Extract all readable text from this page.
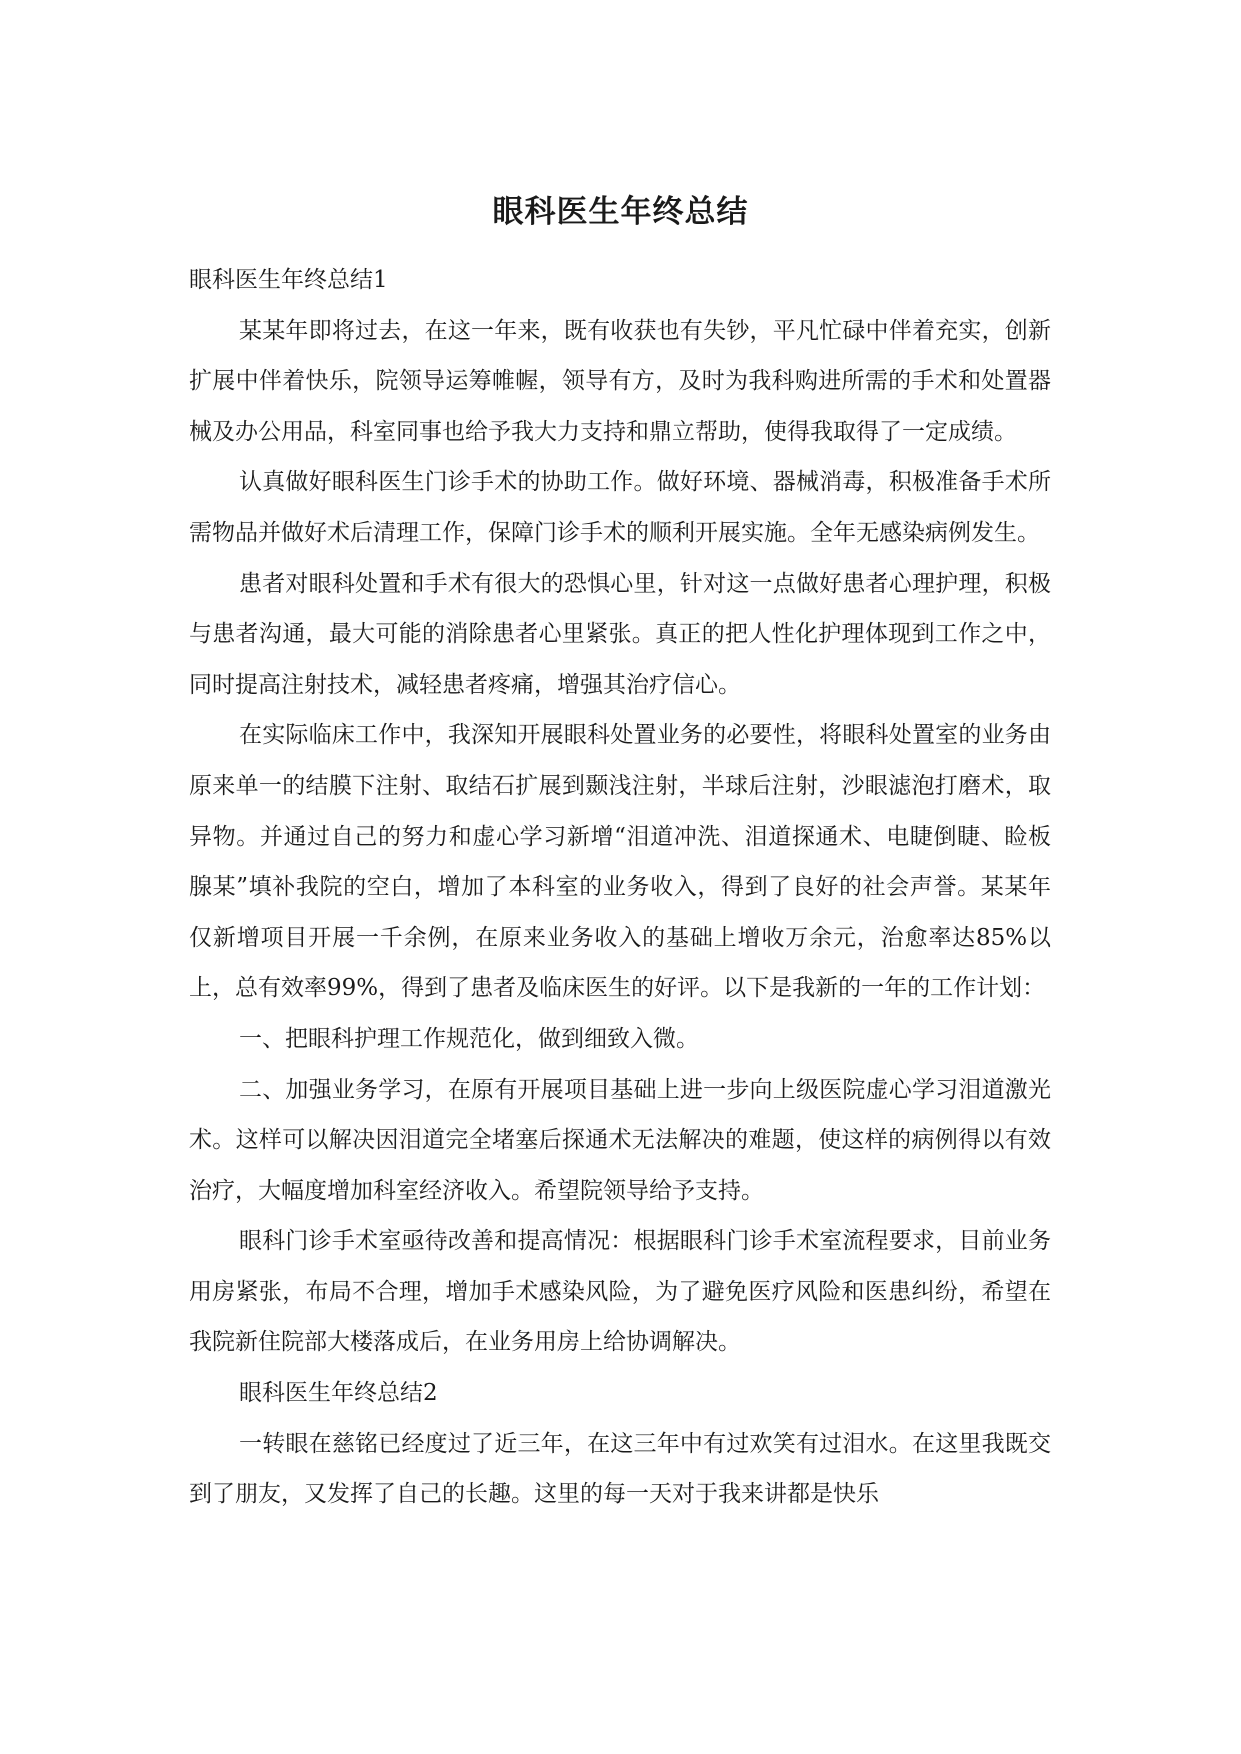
眼科医生年终总结

眼科医生年终总结1

某某年即将过去，在这一年来，既有收获也有失钞，平凡忙碌中伴着充实，创新扩展中伴着快乐，院领导运筹帷幄，领导有方，及时为我科购进所需的手术和处置器械及办公用品，科室同事也给予我大力支持和鼎立帮助，使得我取得了一定成绩。

认真做好眼科医生门诊手术的协助工作。做好环境、器械消毒，积极准备手术所需物品并做好术后清理工作，保障门诊手术的顺利开展实施。全年无感染病例发生。

患者对眼科处置和手术有很大的恐惧心里，针对这一点做好患者心理护理，积极与患者沟通，最大可能的消除患者心里紧张。真正的把人性化护理体现到工作之中，同时提高注射技术，减轻患者疼痛，增强其治疗信心。

在实际临床工作中，我深知开展眼科处置业务的必要性，将眼科处置室的业务由原来单一的结膜下注射、取结石扩展到颞浅注射，半球后注射，沙眼滤泡打磨术，取异物。并通过自己的努力和虚心学习新增“泪道冲洗、泪道探通术、电睫倒睫、睑板腺某”填补我院的空白，增加了本科室的业务收入，得到了良好的社会声誉。某某年仅新增项目开展一千余例，在原来业务收入的基础上增收万余元，治愈率达85%以上，总有效率99%，得到了患者及临床医生的好评。以下是我新的一年的工作计划：

一、把眼科护理工作规范化，做到细致入微。

二、加强业务学习，在原有开展项目基础上进一步向上级医院虚心学习泪道激光术。这样可以解决因泪道完全堵塞后探通术无法解决的难题，使这样的病例得以有效治疗，大幅度增加科室经济收入。希望院领导给予支持。

眼科门诊手术室亟待改善和提高情况：根据眼科门诊手术室流程要求，目前业务用房紧张，布局不合理，增加手术感染风险，为了避免医疗风险和医患纠纷，希望在我院新住院部大楼落成后，在业务用房上给协调解决。

眼科医生年终总结2

一转眼在慈铭已经度过了近三年，在这三年中有过欢笑有过泪水。在这里我既交到了朋友，又发挥了自己的长趣。这里的每一天对于我来讲都是快乐
